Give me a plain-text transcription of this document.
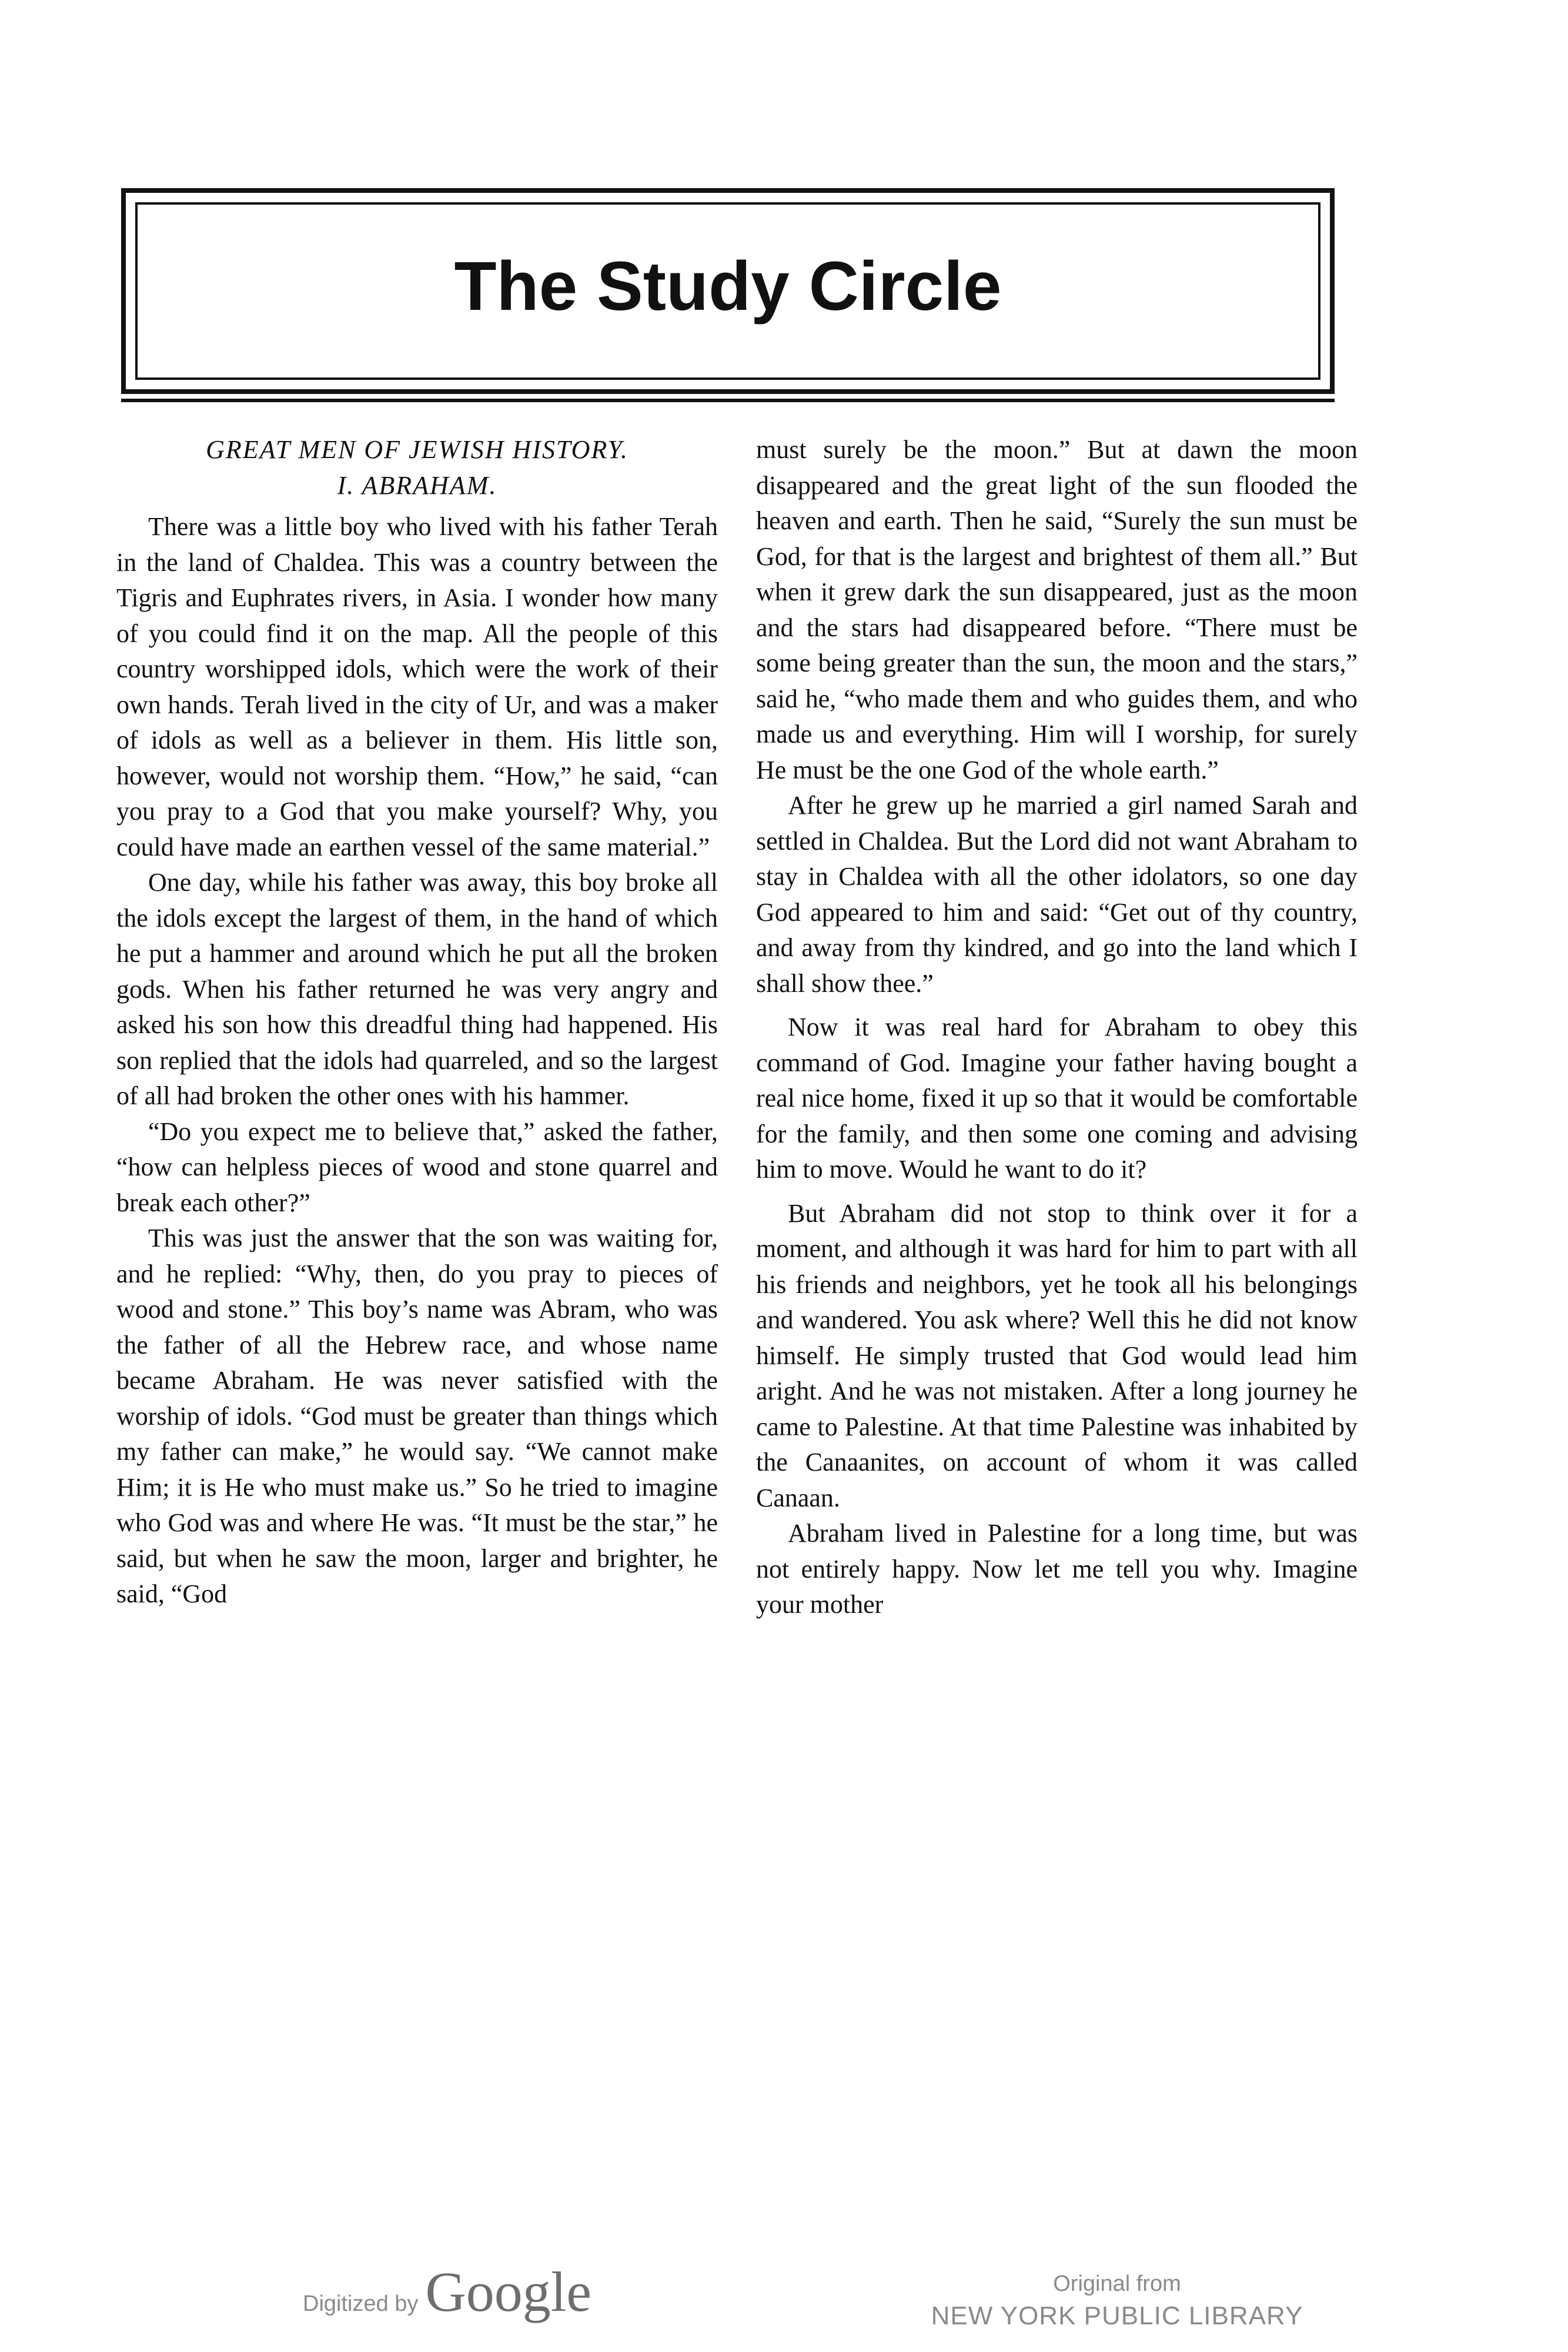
The Study Circle
GREAT MEN OF JEWISH HISTORY.
I. ABRAHAM.

There was a little boy who lived with his father Terah in the land of Chaldea. This was a country between the Tigris and Euphrates rivers, in Asia. I wonder how many of you could find it on the map. All the people of this country worshipped idols, which were the work of their own hands. Terah lived in the city of Ur, and was a maker of idols as well as a believer in them. His little son, however, would not worship them. “How,” he said, “can you pray to a God that you make yourself? Why, you could have made an earthen vessel of the same material.”

One day, while his father was away, this boy broke all the idols except the largest of them, in the hand of which he put a hammer and around which he put all the broken gods. When his father returned he was very angry and asked his son how this dreadful thing had happened. His son replied that the idols had quarreled, and so the largest of all had broken the other ones with his hammer.

“Do you expect me to believe that,” asked the father, “how can helpless pieces of wood and stone quarrel and break each other?”

This was just the answer that the son was waiting for, and he replied: “Why, then, do you pray to pieces of wood and stone.” This boy’s name was Abram, who was the father of all the Hebrew race, and whose name became Abraham. He was never satisfied with the worship of idols. “God must be greater than things which my father can make,” he would say. “We cannot make Him; it is He who must make us.” So he tried to imagine who God was and where He was. “It must be the star,” he said, but when he saw the moon, larger and brighter, he said, “God

must surely be the moon.” But at dawn the moon disappeared and the great light of the sun flooded the heaven and earth. Then he said, “Surely the sun must be God, for that is the largest and brightest of them all.” But when it grew dark the sun disappeared, just as the moon and the stars had disappeared before. “There must be some being greater than the sun, the moon and the stars,” said he, “who made them and who guides them, and who made us and everything. Him will I worship, for surely He must be the one God of the whole earth.”

After he grew up he married a girl named Sarah and settled in Chaldea. But the Lord did not want Abraham to stay in Chaldea with all the other idolators, so one day God appeared to him and said: “Get out of thy country, and away from thy kindred, and go into the land which I shall show thee.”

Now it was real hard for Abraham to obey this command of God. Imagine your father having bought a real nice home, fixed it up so that it would be comfortable for the family, and then some one coming and advising him to move. Would he want to do it?

But Abraham did not stop to think over it for a moment, and although it was hard for him to part with all his friends and neighbors, yet he took all his belongings and wandered. You ask where? Well this he did not know himself. He simply trusted that God would lead him aright. And he was not mistaken. After a long journey he came to Palestine. At that time Palestine was inhabited by the Canaanites, on account of whom it was called Canaan.

Abraham lived in Palestine for a long time, but was not entirely happy. Now let me tell you why. Imagine your mother

Digitized by Google	Original from
NEW YORK PUBLIC LIBRARY
